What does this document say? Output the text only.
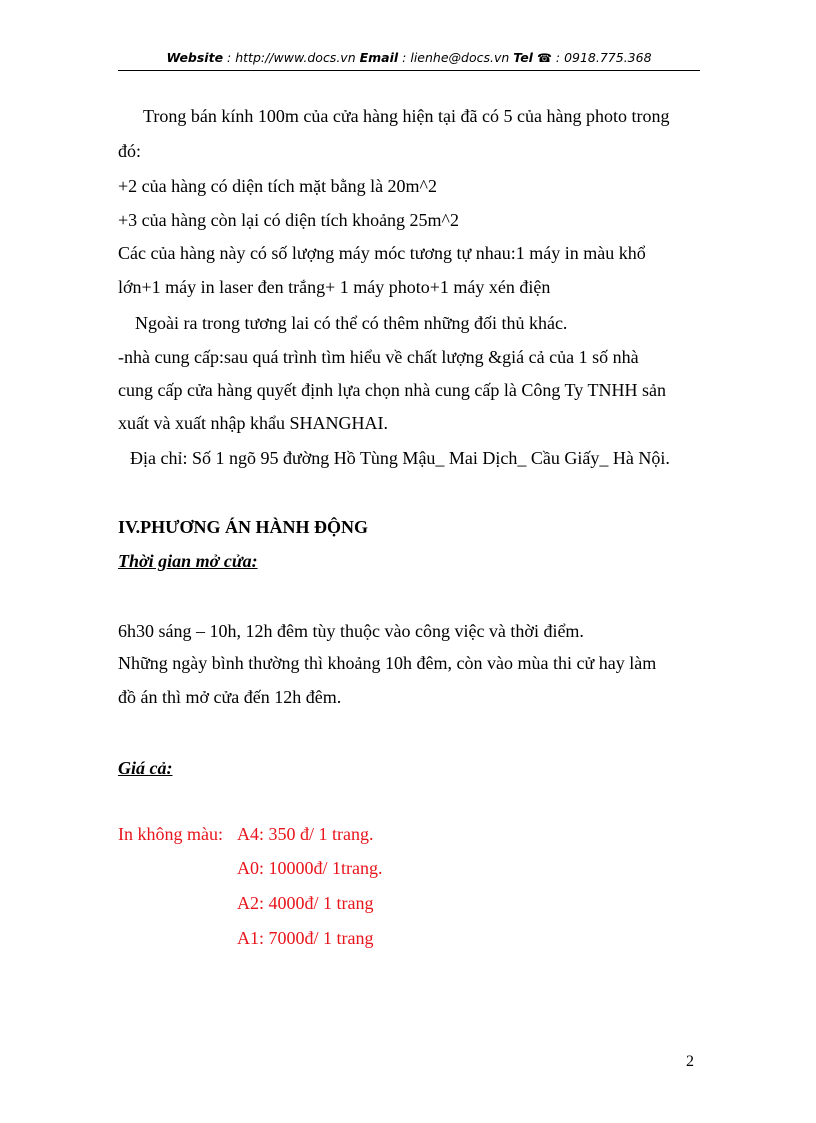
Website : http://www.docs.vn Email : lienhe@docs.vn Tel ☎ : 0918.775.368
Trong bán kính 100m của cửa hàng hiện tại đã có 5 của hàng photo trong
đó:
+2 của hàng có diện tích mặt bằng là 20m^2
+3 của hàng còn lại có diện tích khoảng 25m^2
Các của hàng này có số lượng máy móc tương tự nhau:1 máy in màu khổ
lớn+1 máy in laser đen trắng+ 1 máy photo+1 máy xén điện
Ngoài ra trong tương lai có thể có thêm những đối thủ khác.
-nhà cung cấp:sau quá trình tìm hiểu về chất lượng &giá cả của 1 số nhà
cung cấp cửa hàng quyết định lựa chọn nhà cung cấp là Công Ty TNHH sản
xuất và xuất nhập khẩu SHANGHAI.
Địa chỉ: Số 1 ngõ 95 đường Hồ Tùng Mậu_ Mai Dịch_ Cầu Giấy_ Hà Nội.
IV.PHƯƠNG ÁN HÀNH ĐỘNG
Thời gian mở cửa:
6h30 sáng – 10h, 12h đêm tùy thuộc vào công việc và thời điểm.
Những ngày bình thường thì khoảng 10h đêm, còn vào mùa thi cử hay làm
đồ án thì mở cửa đến 12h đêm.
Giá cả:
In không màu: A4: 350 đ/ 1 trang.
A0: 10000đ/ 1trang.
A2: 4000đ/ 1 trang
A1: 7000đ/ 1 trang
2
